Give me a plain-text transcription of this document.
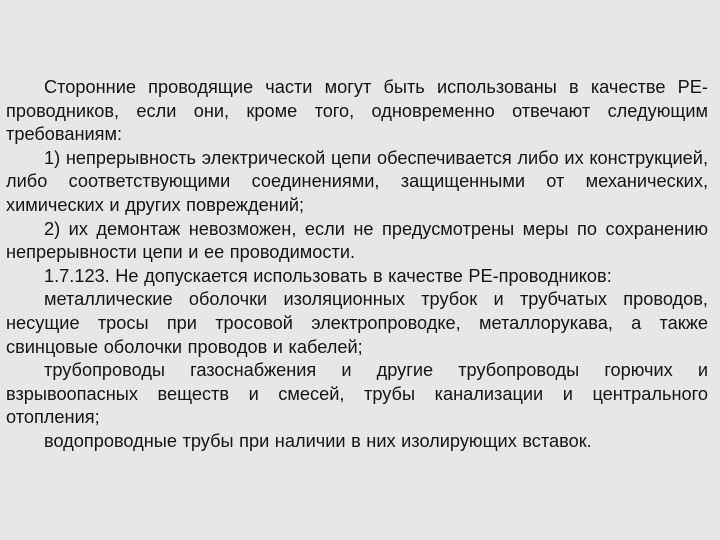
Сторонние проводящие части могут быть использованы в качестве РЕ-проводников, если они, кроме того, одновременно отвечают следующим требованиям:

1) непрерывность электрической цепи обеспечивается либо их конструкцией, либо соответствующими соединениями, защищенными от механических, химических и других повреждений;

2) их демонтаж невозможен, если не предусмотрены меры по сохранению непрерывности цепи и ее проводимости.

1.7.123. Не допускается использовать в качестве РЕ-проводников:

металлические оболочки изоляционных трубок и трубчатых проводов, несущие тросы при тросовой электропроводке, металлорукава, а также свинцовые оболочки проводов и кабелей;

трубопроводы газоснабжения и другие трубопроводы горючих и взрывоопасных веществ и смесей, трубы канализации и центрального отопления;

водопроводные трубы при наличии в них изолирующих вставок.
